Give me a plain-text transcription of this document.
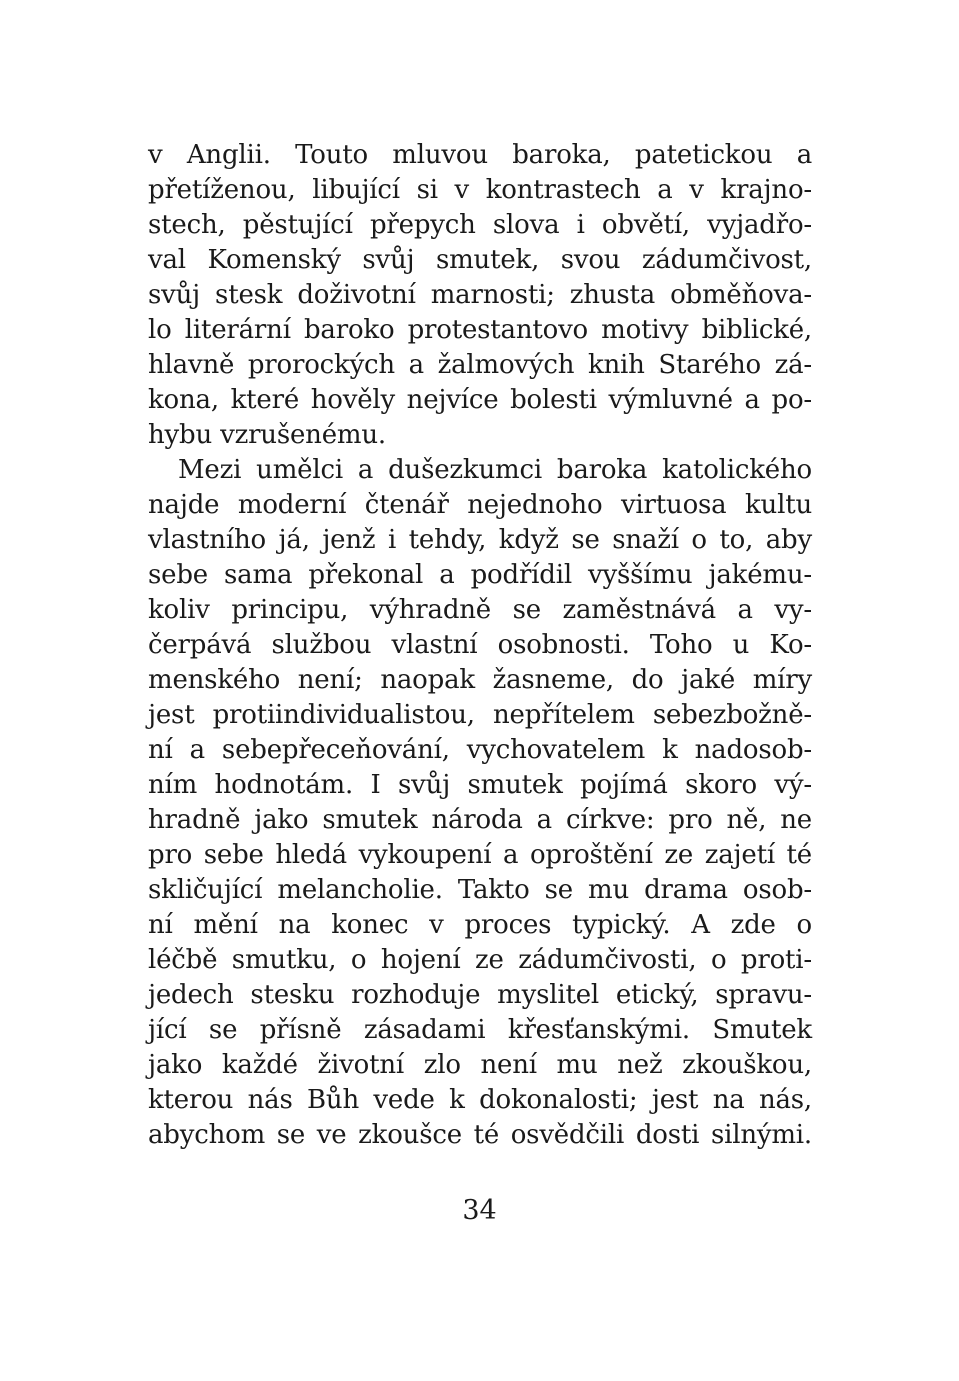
v Anglii. Touto mluvou baroka, patetickou a
přetíženou, libující si v kontrastech a v krajno-
stech, pěstující přepych slova i obvětí, vyjadřo-
val Komenský svůj smutek, svou zádumčivost,
svůj stesk doživotní marnosti; zhusta obměňova-
lo literární baroko protestantovo motivy biblické,
hlavně prorockých a žalmových knih Starého zá-
kona, které hověly nejvíce bolesti výmluvné a po-
hybu vzrušenému.
Mezi umělci a dušezkumci baroka katolického
najde moderní čtenář nejednoho virtuosa kultu
vlastního já, jenž i tehdy, když se snaží o to, aby
sebe sama překonal a podřídil vyššímu jakému-
koliv principu, výhradně se zaměstnává a vy-
čerpává službou vlastní osobnosti. Toho u Ko-
menského není; naopak žasneme, do jaké míry
jest protiindividualistou, nepřítelem sebezbožně-
ní a sebepřeceňování, vychovatelem k nadosob-
ním hodnotám. I svůj smutek pojímá skoro vý-
hradně jako smutek národa a církve: pro ně, ne
pro sebe hledá vykoupení a oproštění ze zajetí té
skličující melancholie. Takto se mu drama osob-
ní mění na konec v proces typický. A zde o
léčbě smutku, o hojení ze zádumčivosti, o proti-
jedech stesku rozhoduje myslitel etický, spravu-
jící se přísně zásadami křesťanskými. Smutek
jako každé životní zlo není mu než zkouškou,
kterou nás Bůh vede k dokonalosti; jest na nás,
abychom se ve zkoušce té osvědčili dosti silnými.
34
